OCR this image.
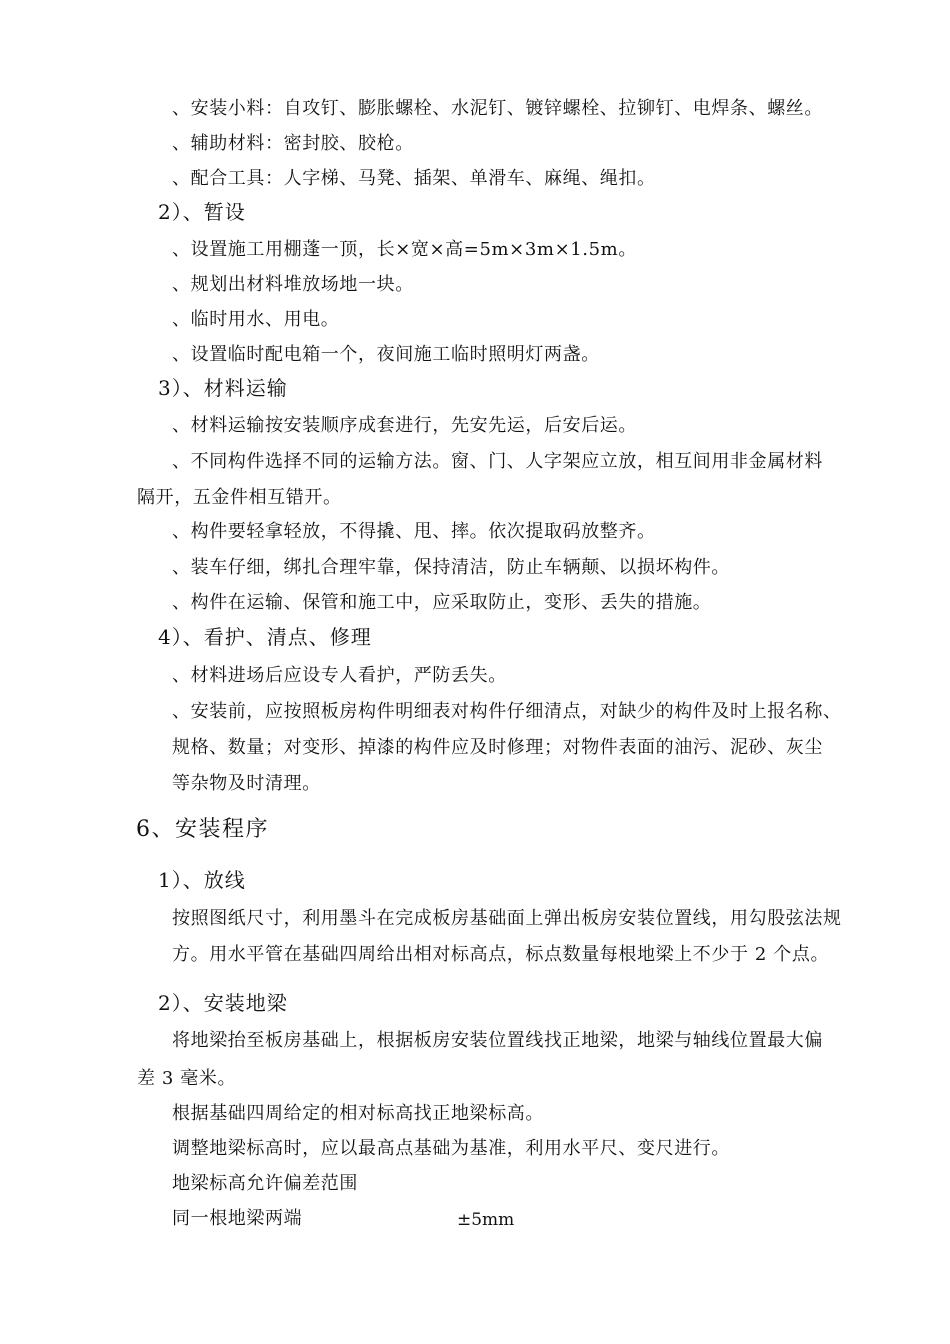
、安装小料：自攻钉、膨胀螺栓、水泥钉、镀锌螺栓、拉铆钉、电焊条、螺丝。
、辅助材料：密封胶、胶枪。
、配合工具：人字梯、马凳、插架、单滑车、麻绳、绳扣。
2）、暂设
、设置施工用棚蓬一顶，长×宽×高=5m×3m×1.5m。
、规划出材料堆放场地一块。
、临时用水、用电。
、设置临时配电箱一个，夜间施工临时照明灯两盏。
3）、材料运输
、材料运输按安装顺序成套进行，先安先运，后安后运。
、不同构件选择不同的运输方法。窗、门、人字架应立放，相互间用非金属材料
隔开，五金件相互错开。
、构件要轻拿轻放，不得撬、甩、摔。依次提取码放整齐。
、装车仔细，绑扎合理牢靠，保持清洁，防止车辆颠、以损坏构件。
、构件在运输、保管和施工中，应采取防止，变形、丢失的措施。
4）、看护、清点、修理
、材料进场后应设专人看护，严防丢失。
、安装前，应按照板房构件明细表对构件仔细清点，对缺少的构件及时上报名称、
规格、数量；对变形、掉漆的构件应及时修理；对物件表面的油污、泥砂、灰尘
等杂物及时清理。
6、安装程序
1）、放线
按照图纸尺寸，利用墨斗在完成板房基础面上弹出板房安装位置线，用勾股弦法规
方。用水平管在基础四周给出相对标高点，标点数量每根地梁上不少于 2 个点。
2）、安装地梁
将地梁抬至板房基础上，根据板房安装位置线找正地梁，地梁与轴线位置最大偏
差 3 毫米。
根据基础四周给定的相对标高找正地梁标高。
调整地梁标高时，应以最高点基础为基准，利用水平尺、变尺进行。
地梁标高允许偏差范围
同一根地梁两端	±5mm
